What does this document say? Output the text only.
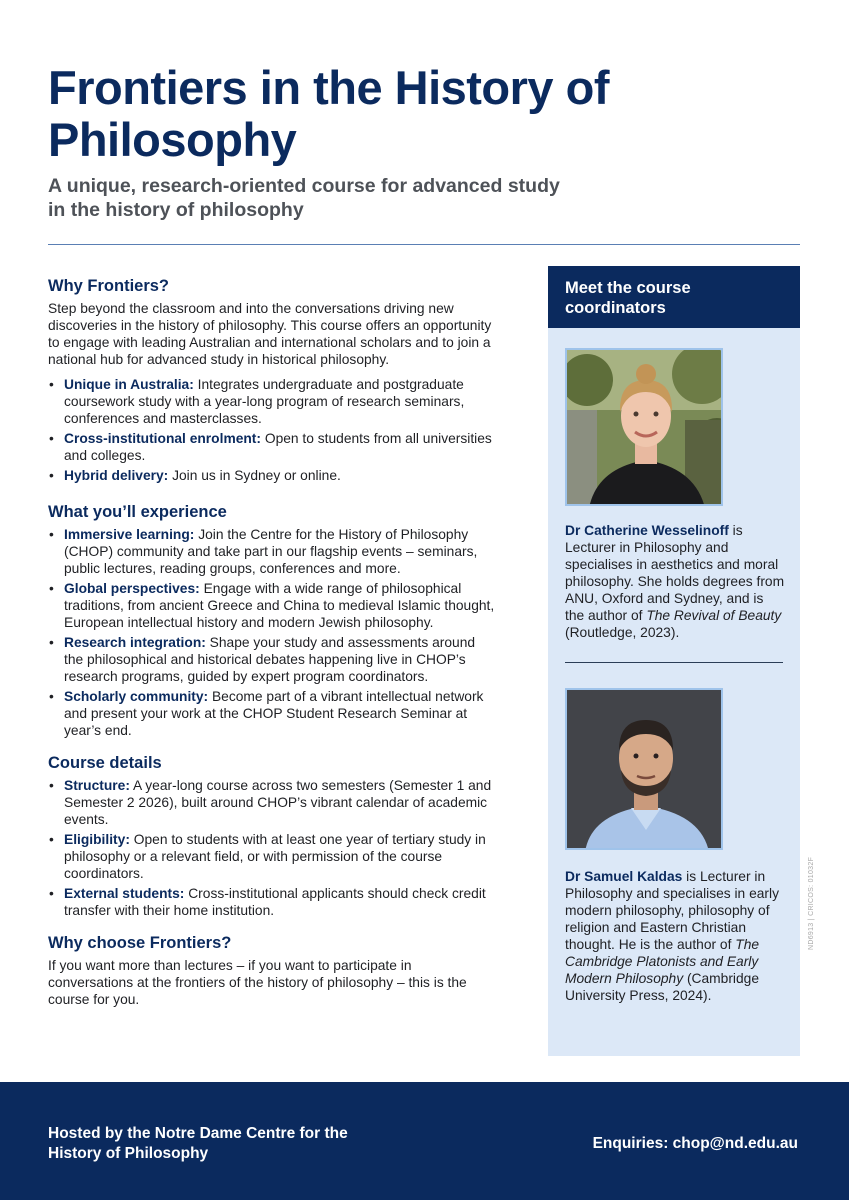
Frontiers in the History of Philosophy
A unique, research-oriented course for advanced study in the history of philosophy
Why Frontiers?

Step beyond the classroom and into the conversations driving new discoveries in the history of philosophy. This course offers an opportunity to engage with leading Australian and international scholars and to join a national hub for advanced study in historical philosophy.

• Unique in Australia: Integrates undergraduate and postgraduate coursework study with a year-long program of research seminars, conferences and masterclasses.
• Cross-institutional enrolment: Open to students from all universities and colleges.
• Hybrid delivery: Join us in Sydney or online.
What you’ll experience
• Immersive learning: Join the Centre for the History of Philosophy (CHOP) community and take part in our flagship events – seminars, public lectures, reading groups, conferences and more.
• Global perspectives: Engage with a wide range of philosophical traditions, from ancient Greece and China to medieval Islamic thought, European intellectual history and modern Jewish philosophy.
• Research integration: Shape your study and assessments around the philosophical and historical debates happening live in CHOP’s research programs, guided by expert program coordinators.
• Scholarly community: Become part of a vibrant intellectual network and present your work at the CHOP Student Research Seminar at year’s end.
Course details
• Structure: A year-long course across two semesters (Semester 1 and Semester 2 2026), built around CHOP’s vibrant calendar of academic events.
• Eligibility: Open to students with at least one year of tertiary study in philosophy or a relevant field, or with permission of the course coordinators.
• External students: Cross-institutional applicants should check credit transfer with their home institution.
Why choose Frontiers?

If you want more than lectures – if you want to participate in conversations at the frontiers of the history of philosophy – this is the course for you.

Meet the course coordinators
Dr Catherine Wesselinoff is Lecturer in Philosophy and specialises in aesthetics and moral philosophy. She holds degrees from ANU, Oxford and Sydney, and is the author of The Revival of Beauty (Routledge, 2023).
Dr Samuel Kaldas is Lecturer in Philosophy and specialises in early modern philosophy, philosophy of religion and Eastern Christian thought. He is the author of The Cambridge Platonists and Early Modern Philosophy (Cambridge University Press, 2024).
ND6913 | CRICOS: 01032F
Hosted by the Notre Dame Centre for the History of Philosophy
Enquiries: chop@nd.edu.au
